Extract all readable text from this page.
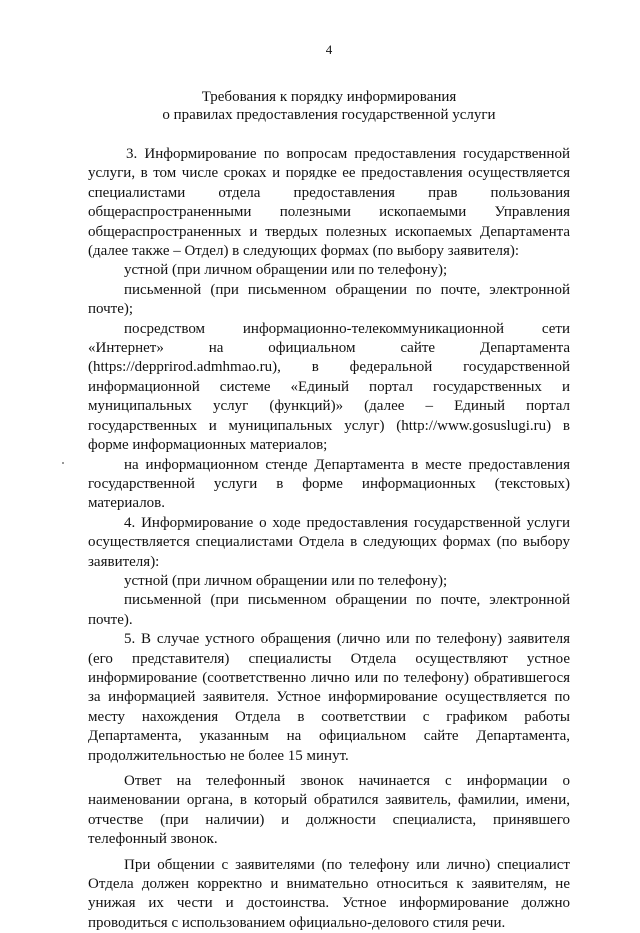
4
Требования к порядку информирования
о правилах предоставления государственной услуги

3. Информирование по вопросам предоставления государственной услуги, в том числе сроках и порядке ее предоставления осуществляется специалистами отдела предоставления прав пользования общераспространенными полезными ископаемыми Управления общераспространенных и твердых полезных ископаемых Департамента (далее также – Отдел) в следующих формах (по выбору заявителя):

устной (при личном обращении или по телефону);

письменной (при письменном обращении по почте, электронной почте);

посредством информационно-телекоммуникационной сети «Интернет» на официальном сайте Департамента (https://depprirod.admhmao.ru), в федеральной государственной информационной системе «Единый портал государственных и муниципальных услуг (функций)» (далее – Единый портал государственных и муниципальных услуг) (http://www.gosuslugi.ru) в форме информационных материалов;

на информационном стенде Департамента в месте предоставления государственной услуги в форме информационных (текстовых) материалов.

4. Информирование о ходе предоставления государственной услуги осуществляется специалистами Отдела в следующих формах (по выбору заявителя):

устной (при личном обращении или по телефону);

письменной (при письменном обращении по почте, электронной почте).

5. В случае устного обращения (лично или по телефону) заявителя (его представителя) специалисты Отдела осуществляют устное информирование (соответственно лично или по телефону) обратившегося за информацией заявителя. Устное информирование осуществляется по месту нахождения Отдела в соответствии с графиком работы Департамента, указанным на официальном сайте Департамента, продолжительностью не более 15 минут.

Ответ на телефонный звонок начинается с информации о наименовании органа, в который обратился заявитель, фамилии, имени, отчестве (при наличии) и должности специалиста, принявшего телефонный звонок.

При общении с заявителями (по телефону или лично) специалист Отдела должен корректно и внимательно относиться к заявителям, не унижая их чести и достоинства. Устное информирование должно проводиться с использованием официально-делового стиля речи.
